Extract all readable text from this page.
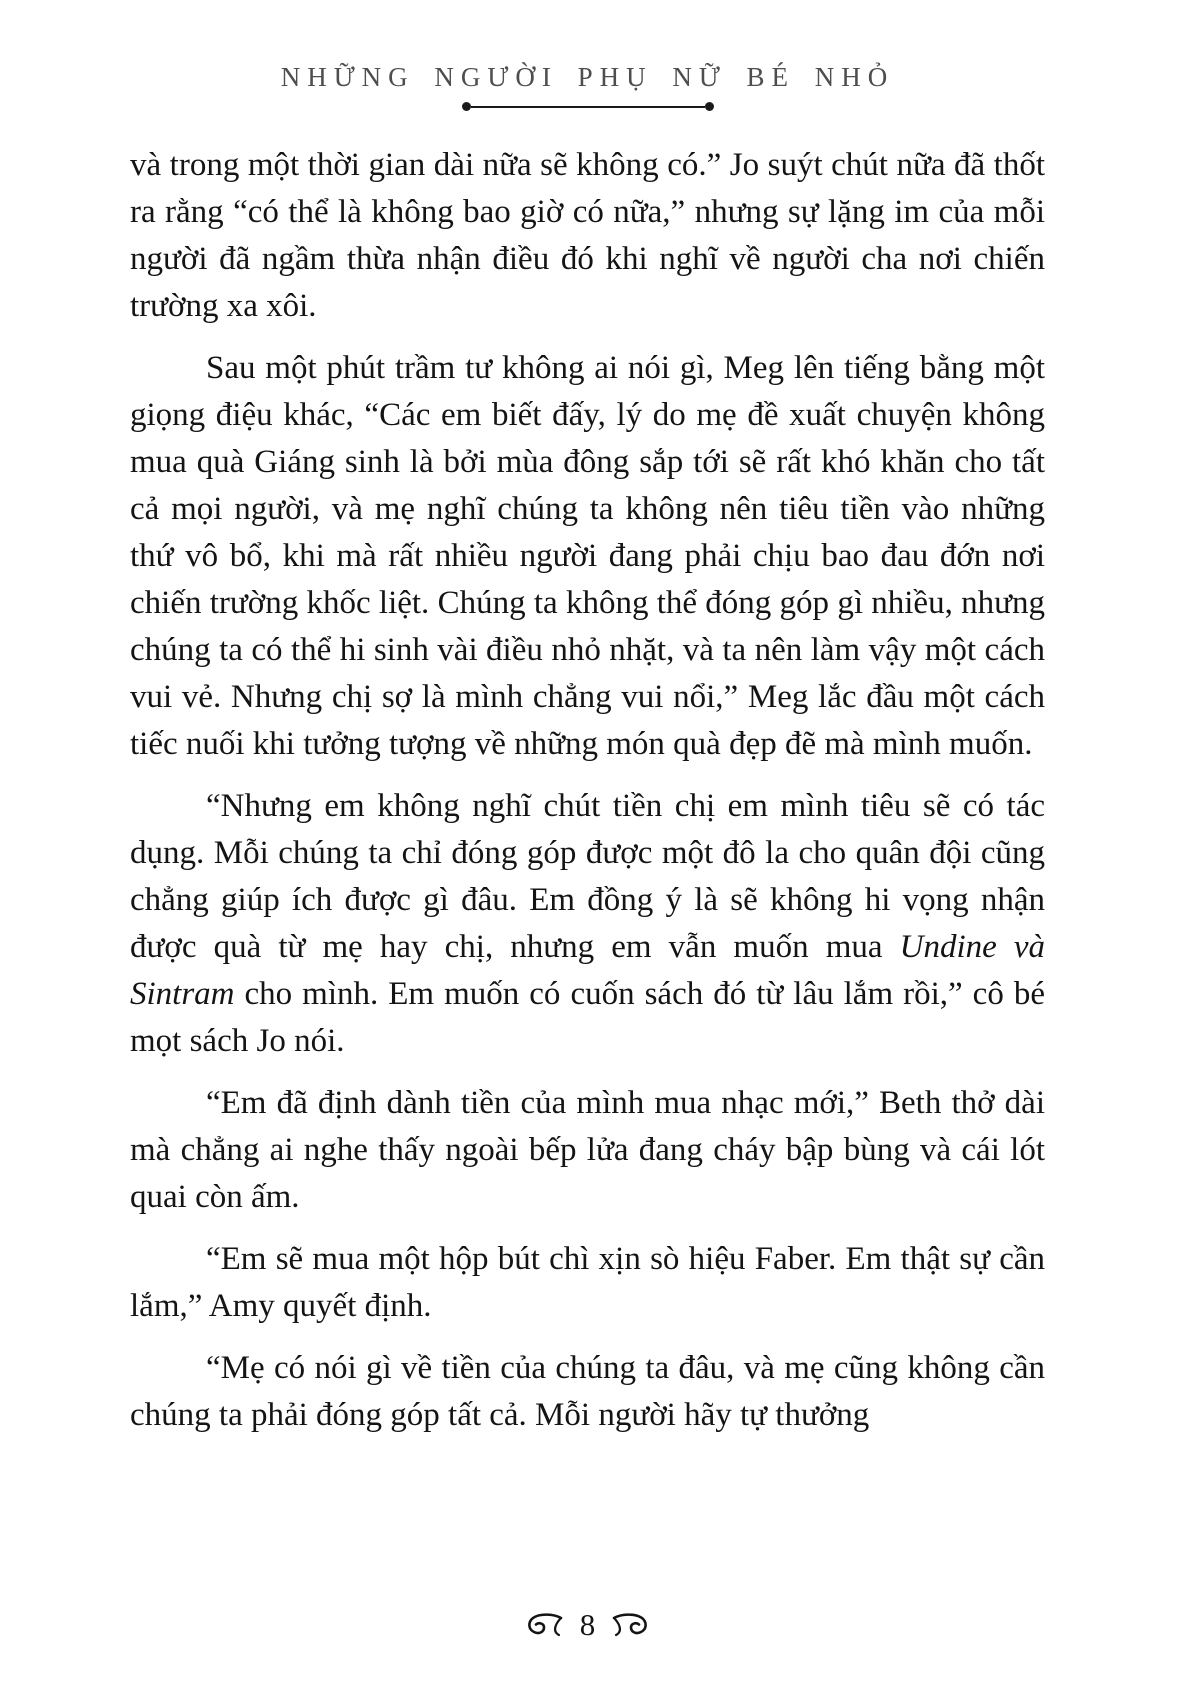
NHỮNG NGƯỜI PHỤ NỮ BÉ NHỎ

và trong một thời gian dài nữa sẽ không có.” Jo suýt chút nữa đã thốt ra rằng “có thể là không bao giờ có nữa,” nhưng sự lặng im của mỗi người đã ngầm thừa nhận điều đó khi nghĩ về người cha nơi chiến trường xa xôi.

Sau một phút trầm tư không ai nói gì, Meg lên tiếng bằng một giọng điệu khác, “Các em biết đấy, lý do mẹ đề xuất chuyện không mua quà Giáng sinh là bởi mùa đông sắp tới sẽ rất khó khăn cho tất cả mọi người, và mẹ nghĩ chúng ta không nên tiêu tiền vào những thứ vô bổ, khi mà rất nhiều người đang phải chịu bao đau đớn nơi chiến trường khốc liệt. Chúng ta không thể đóng góp gì nhiều, nhưng chúng ta có thể hi sinh vài điều nhỏ nhặt, và ta nên làm vậy một cách vui vẻ. Nhưng chị sợ là mình chẳng vui nổi,” Meg lắc đầu một cách tiếc nuối khi tưởng tượng về những món quà đẹp đẽ mà mình muốn.

“Nhưng em không nghĩ chút tiền chị em mình tiêu sẽ có tác dụng. Mỗi chúng ta chỉ đóng góp được một đô la cho quân đội cũng chẳng giúp ích được gì đâu. Em đồng ý là sẽ không hi vọng nhận được quà từ mẹ hay chị, nhưng em vẫn muốn mua Undine và Sintram cho mình. Em muốn có cuốn sách đó từ lâu lắm rồi,” cô bé mọt sách Jo nói.

“Em đã định dành tiền của mình mua nhạc mới,” Beth thở dài mà chẳng ai nghe thấy ngoài bếp lửa đang cháy bập bùng và cái lót quai còn ấm.

“Em sẽ mua một hộp bút chì xịn sò hiệu Faber. Em thật sự cần lắm,” Amy quyết định.

“Mẹ có nói gì về tiền của chúng ta đâu, và mẹ cũng không cần chúng ta phải đóng góp tất cả. Mỗi người hãy tự thưởng

8
